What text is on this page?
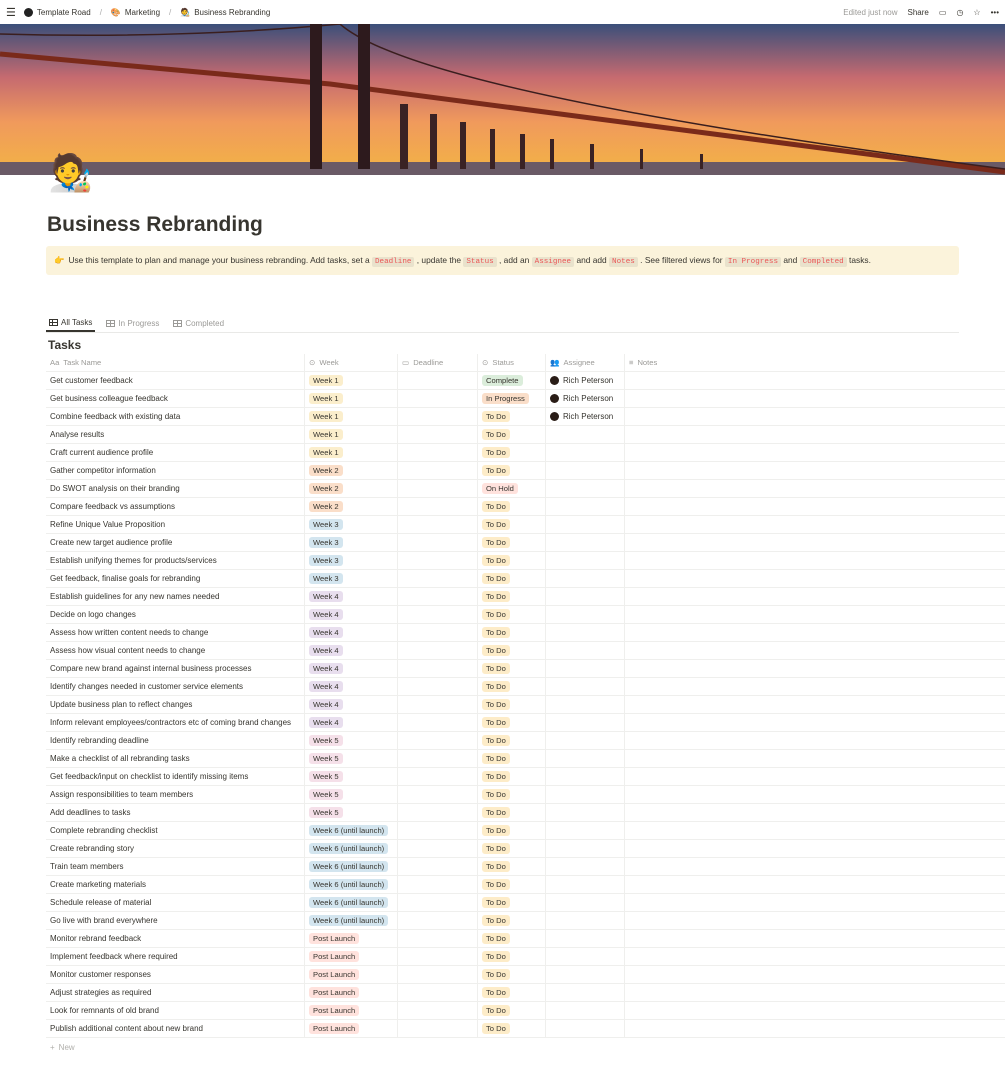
☰	Template Road / 🎨 Marketing / 🧑‍🎨 Business Rebranding	Edited just now Share ▭ ◷ ☆ •••
🧑‍🎨
Business Rebranding
👉 Use this template to plan and manage your business rebranding. Add tasks, set a Deadline , update the Status , add an Assignee and add Notes . See filtered views for In Progress and Completed tasks.
All Tasks	In Progress	Completed
Tasks
Aa Task Name	⊙ Week	▭ Deadline	⊙ Status	👥 Assignee	≡ Notes
Get customer feedback	Week 1	Complete	Rich Peterson
Get business colleague feedback	Week 1	In Progress	Rich Peterson
Combine feedback with existing data	Week 1	To Do	Rich Peterson
Analyse results	Week 1	To Do
Craft current audience profile	Week 1	To Do
Gather competitor information	Week 2	To Do
Do SWOT analysis on their branding	Week 2	On Hold
Compare feedback vs assumptions	Week 2	To Do
Refine Unique Value Proposition	Week 3	To Do
Create new target audience profile	Week 3	To Do
Establish unifying themes for products/services	Week 3	To Do
Get feedback, finalise goals for rebranding	Week 3	To Do
Establish guidelines for any new names needed	Week 4	To Do
Decide on logo changes	Week 4	To Do
Assess how written content needs to change	Week 4	To Do
Assess how visual content needs to change	Week 4	To Do
Compare new brand against internal business processes	Week 4	To Do
Identify changes needed in customer service elements	Week 4	To Do
Update business plan to reflect changes	Week 4	To Do
Inform relevant employees/contractors etc of coming brand changes	Week 4	To Do
Identify rebranding deadline	Week 5	To Do
Make a checklist of all rebranding tasks	Week 5	To Do
Get feedback/input on checklist to identify missing items	Week 5	To Do
Assign responsibilities to team members	Week 5	To Do
Add deadlines to tasks	Week 5	To Do
Complete rebranding checklist	Week 6 (until launch)	To Do
Create rebranding story	Week 6 (until launch)	To Do
Train team members	Week 6 (until launch)	To Do
Create marketing materials	Week 6 (until launch)	To Do
Schedule release of material	Week 6 (until launch)	To Do
Go live with brand everywhere	Week 6 (until launch)	To Do
Monitor rebrand feedback	Post Launch	To Do
Implement feedback where required	Post Launch	To Do
Monitor customer responses	Post Launch	To Do
Adjust strategies as required	Post Launch	To Do
Look for remnants of old brand	Post Launch	To Do
Publish additional content about new brand	Post Launch	To Do
+ New
